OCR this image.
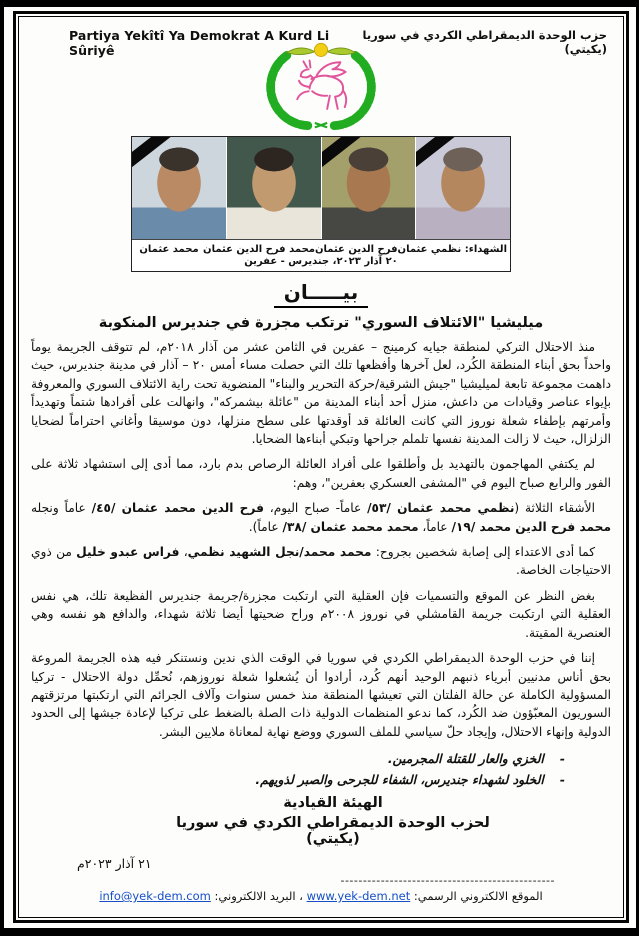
Partiya Yekîtî Ya Demokrat A Kurd Li Sûriyê
حزب الوحدة الديمقراطي الكردي في سوريا (يكيتي)
الشهداء: نظمي عثمان
فرح الدين عثمان
محمد فرح الدين عثمان
محمد عثمان
٢٠ آذار ٢٠٢٣، جنديرس - عفرين
بيـــــان
ميليشيا "الائتلاف السوري" ترتكب مجزرة في جنديرس المنكوبة

منذ الاحتلال التركي لمنطقة جيايه كرمينج – عفرين في الثامن عشر من آذار ٢٠١٨م، لم تتوقف الجريمة يوماً واحداً بحق أبناء المنطقة الكُرد، لعل آخرها وأفظعها تلك التي حصلت مساء أمس ٢٠ – آذار في مدينة جنديرس، حيث داهمت مجموعة تابعة لميليشيا "جيش الشرقية/حركة التحرير والبناء" المنضوية تحت راية الائتلاف السوري والمعروفة بإيواء عناصر وقيادات من داعش، منزل أحد أبناء المدينة من "عائلة بيشمركه"، وانهالت على أفرادها شتماً وتهديداً وأمرتهم بإطفاء شعلة نوروز التي كانت العائلة قد أوقدتها على سطح منزلها، دون موسيقا وأغاني احتراماً لضحايا الزلزال، حيث لا زالت المدينة نفسها تلملم جراحها وتبكي أبناءها الضحايا.

لم يكتفي المهاجمون بالتهديد بل وأطلقوا على أفراد العائلة الرصاص بدم بارد، مما أدى إلى استشهاد ثلاثة على الفور والرابع صباح اليوم في "المشفى العسكري بعفرين"، وهم:

الأشقاء الثلاثة (نظمي محمد عثمان /٥٣/ عاماً- صباح اليوم، فرح الدين محمد عثمان /٤٥/ عاماً ونجله محمد فرح الدين محمد /١٩/ عاماً، محمد محمد عثمان /٣٨/ عاماً).

كما أدى الاعتداء إلى إصابة شخصين بجروح: محمد محمد/نجل الشهيد نظمي، فراس عبدو خليل من ذوي الاحتياجات الخاصة.

بغض النظر عن الموقع والتسميات فإن العقلية التي ارتكبت مجزرة/جريمة جنديرس الفظيعة تلك، هي نفس العقلية التي ارتكبت جريمة القامشلي في نوروز ٢٠٠٨م وراح ضحيتها أيضا ثلاثة شهداء، والدافع هو نفسه وهي العنصرية المقيتة.

إننا في حزب الوحدة الديمقراطي الكردي في سوريا في الوقت الذي ندين ونستنكر فيه هذه الجريمة المروعة بحق أناس مدنيين أبرياء ذنبهم الوحيد أنهم كُرد، أرادوا أن يُشعلوا شعلة نوروزهم، نُحمِّل دولة الاحتلال - تركيا المسؤولية الكاملة عن حالة الفلتان التي تعيشها المنطقة منذ خمس سنوات وآلاف الجرائم التي ارتكبتها مرتزقتهم السوريون المعبّؤون ضد الكُرد، كما ندعو المنظمات الدولية ذات الصلة بالضغط على تركيا لإعادة جيشها إلى الحدود الدولية وإنهاء الاحتلال، وإيجاد حلّ سياسي للملف السوري ووضع نهاية لمعاناة ملايين البشر.

-
الخزي والعار للقتلة المجرمين.
-
الخلود لشهداء جنديرس، الشفاء للجرحى والصبر لذويهم.
الهيئة القيادية
لحزب الوحدة الديمقراطي الكردي في سوريا (يكيتي)
٢١ آذار ٢٠٢٣م
------------------------------------------------
الموقع الالكتروني الرسمي: www.yek-dem.net ، البريد الالكتروني: info@yek-dem.com
